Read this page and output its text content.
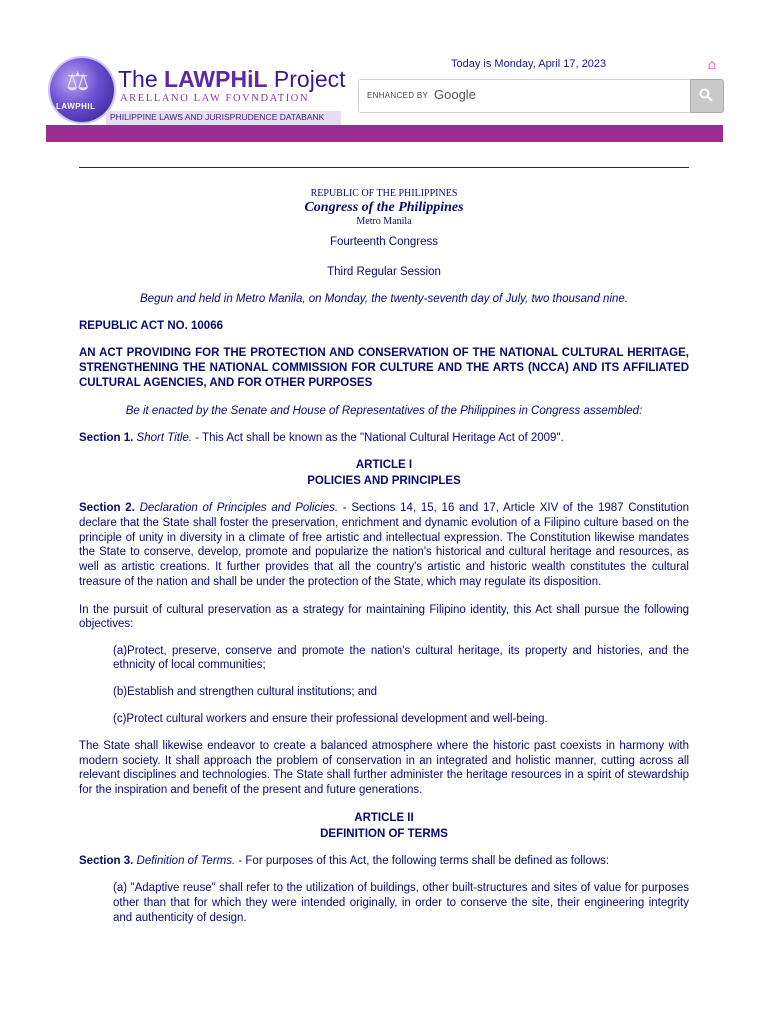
⚖
LAWPHIL
The LAWPHiL Project
ARELLANO LAW FOVNDATION
PHILIPPINE LAWS AND JURISPRUDENCE DATABANK
Today is Monday, April 17, 2023	⌂
ENHANCED BY Google
REPUBLIC OF THE PHILIPPINES
Congress of the Philippines
Metro Manila

Fourteenth Congress

Third Regular Session

Begun and held in Metro Manila, on Monday, the twenty-seventh day of July, two thousand nine.

REPUBLIC ACT NO. 10066

AN ACT PROVIDING FOR THE PROTECTION AND CONSERVATION OF THE NATIONAL CULTURAL HERITAGE, STRENGTHENING THE NATIONAL COMMISSION FOR CULTURE AND THE ARTS (NCCA) AND ITS AFFILIATED CULTURAL AGENCIES, AND FOR OTHER PURPOSES

Be it enacted by the Senate and House of Representatives of the Philippines in Congress assembled:

Section 1. Short Title. - This Act shall be known as the "National Cultural Heritage Act of 2009".

ARTICLE I

POLICIES AND PRINCIPLES

Section 2. Declaration of Principles and Policies. - Sections 14, 15, 16 and 17, Article XIV of the 1987 Constitution declare that the State shall foster the preservation, enrichment and dynamic evolution of a Filipino culture based on the principle of unity in diversity in a climate of free artistic and intellectual expression. The Constitution likewise mandates the State to conserve, develop, promote and popularize the nation's historical and cultural heritage and resources, as well as artistic creations. It further provides that all the country's artistic and historic wealth constitutes the cultural treasure of the nation and shall be under the protection of the State, which may regulate its disposition.

In the pursuit of cultural preservation as a strategy for maintaining Filipino identity, this Act shall pursue the following objectives:

(a)Protect, preserve, conserve and promote the nation's cultural heritage, its property and histories, and the ethnicity of local communities;

(b)Establish and strengthen cultural institutions; and

(c)Protect cultural workers and ensure their professional development and well-being.

The State shall likewise endeavor to create a balanced atmosphere where the historic past coexists in harmony with modern society. It shall approach the problem of conservation in an integrated and holistic manner, cutting across all relevant disciplines and technologies. The State shall further administer the heritage resources in a spirit of stewardship for the inspiration and benefit of the present and future generations.

ARTICLE II

DEFINITION OF TERMS

Section 3. Definition of Terms. - For purposes of this Act, the following terms shall be defined as follows:

(a) "Adaptive reuse" shall refer to the utilization of buildings, other built-structures and sites of value for purposes other than that for which they were intended originally, in order to conserve the site, their engineering integrity and authenticity of design.
